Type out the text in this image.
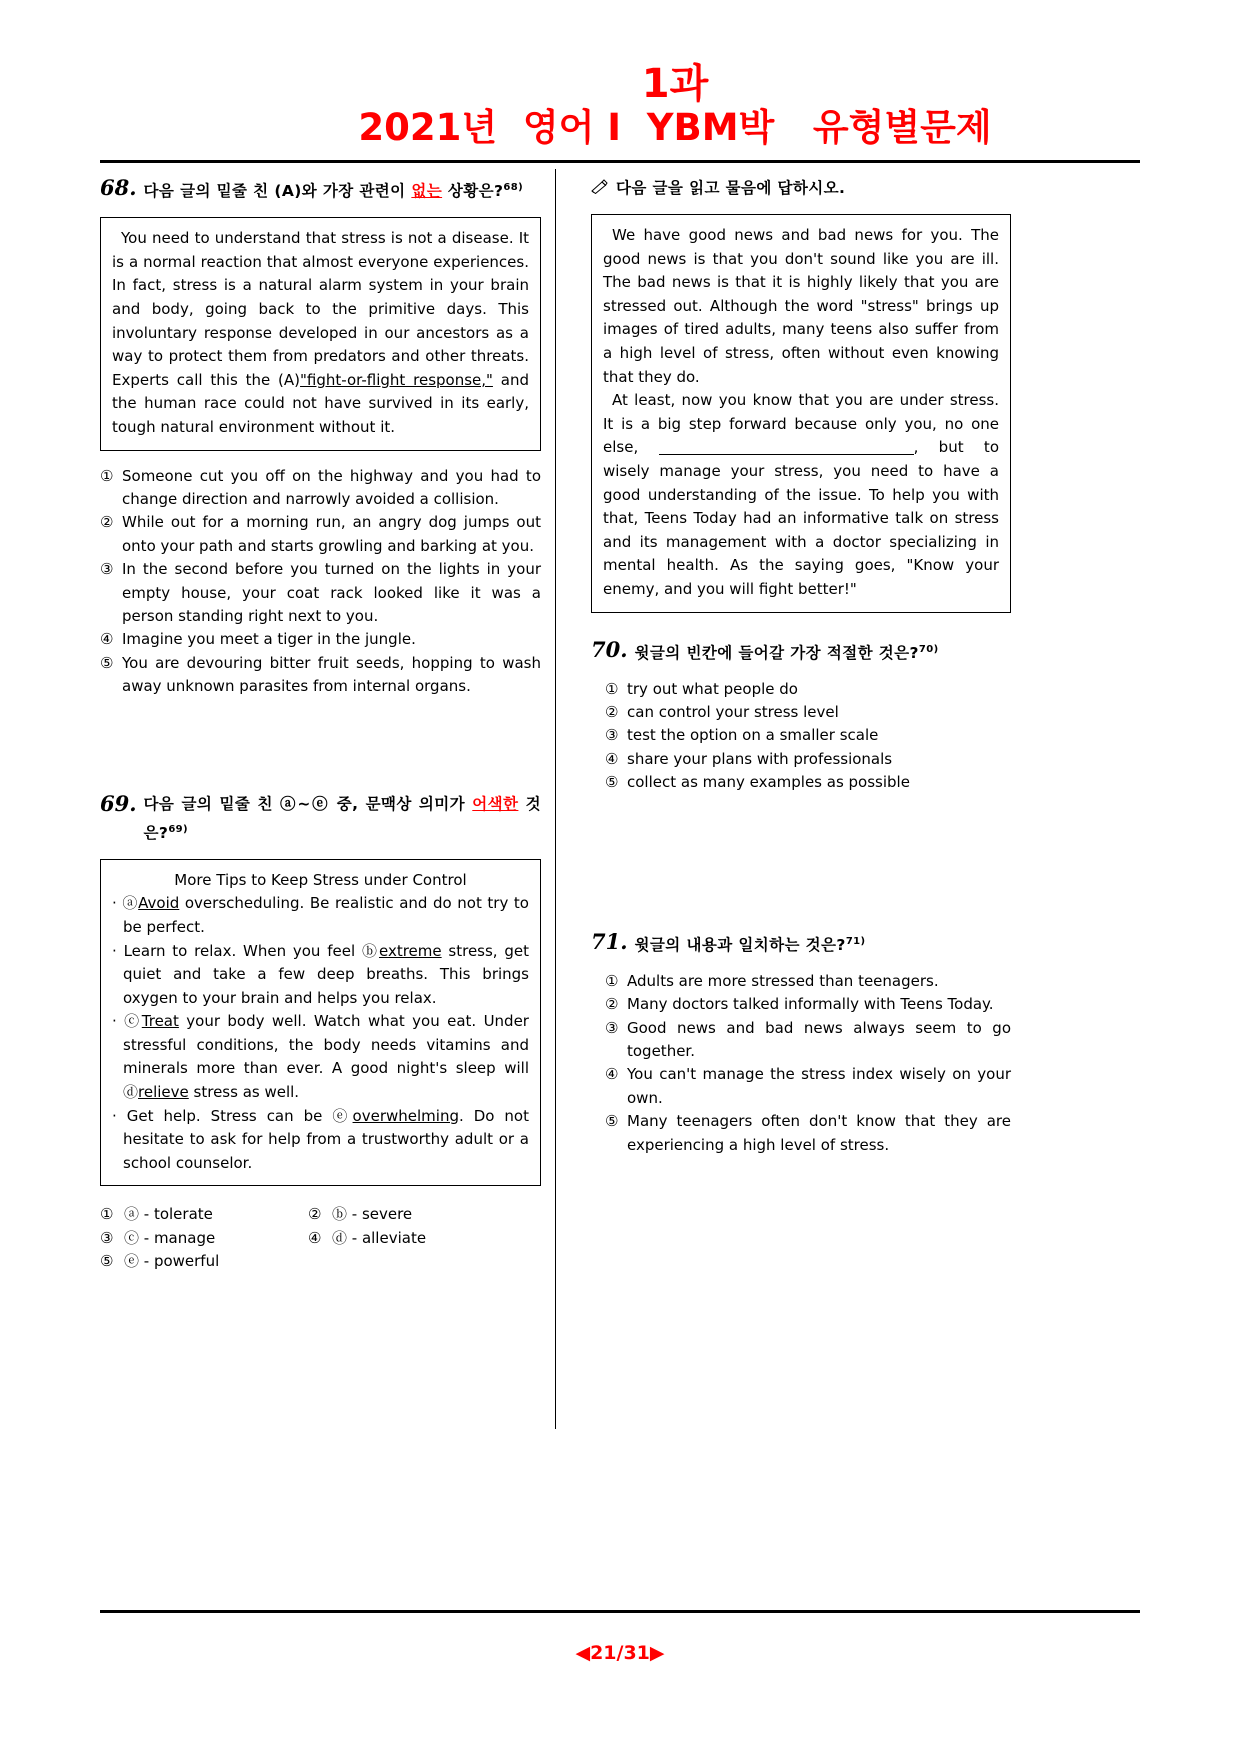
1과
2021년  영어 I  YBM박   유형별문제
68. 다음 글의 밑줄 친 (A)와 가장 관련이 없는 상황은?$^{68)}$

You need to understand that stress is not a disease. It is a normal reaction that almost everyone experiences. In fact, stress is a natural alarm system in your brain and body, going back to the primitive days. This involuntary response developed in our ancestors as a way to protect them from predators and other threats. Experts call this the (A)"fight-or-flight response," and the human race could not have survived in its early, tough natural environment without it.

① Someone cut you off on the highway and you had to change direction and narrowly avoided a collision.
② While out for a morning run, an angry dog jumps out onto your path and starts growling and barking at you.
③ In the second before you turned on the lights in your empty house, your coat rack looked like it was a person standing right next to you.
④ Imagine you meet a tiger in the jungle.
⑤ You are devouring bitter fruit seeds, hopping to wash away unknown parasites from internal organs.
69. 다음 글의 밑줄 친 ⓐ~ⓔ 중, 문맥상 의미가 어색한 것은?$^{69)}$

More Tips to Keep Stress under Control

· ⓐAvoid overscheduling. Be realistic and do not try to be perfect.
· Learn to relax. When you feel ⓑextreme stress, get quiet and take a few deep breaths. This brings oxygen to your brain and helps you relax.
· ⓒTreat your body well. Watch what you eat. Under stressful conditions, the body needs vitamins and minerals more than ever. A good night's sleep will ⓓrelieve stress as well.
· Get help. Stress can be ⓔoverwhelming. Do not hesitate to ask for help from a trustworthy adult or a school counselor.
① ⓐ - tolerate	② ⓑ - severe
③ ⓒ - manage	④ ⓓ - alleviate
⑤ ⓔ - powerful
다음 글을 읽고 물음에 답하시오.

We have good news and bad news for you. The good news is that you don't sound like you are ill. The bad news is that it is highly likely that you are stressed out. Although the word "stress" brings up images of tired adults, many teens also suffer from a high level of stress, often without even knowing that they do.

At least, now you know that you are under stress. It is a big step forward because only you, no one else,	, but to wisely manage your stress, you need to have a good understanding of the issue. To help you with that, Teens Today had an informative talk on stress and its management with a doctor specializing in mental health. As the saying goes, "Know your enemy, and you will fight better!"

70. 윗글의 빈칸에 들어갈 가장 적절한 것은?$^{70)}$
① try out what people do
② can control your stress level
③ test the option on a smaller scale
④ share your plans with professionals
⑤ collect as many examples as possible
71. 윗글의 내용과 일치하는 것은?$^{71)}$
① Adults are more stressed than teenagers.
② Many doctors talked informally with Teens Today.
③ Good news and bad news always seem to go together.
④ You can't manage the stress index wisely on your own.
⑤ Many teenagers often don't know that they are experiencing a high level of stress.
◀21/31▶
